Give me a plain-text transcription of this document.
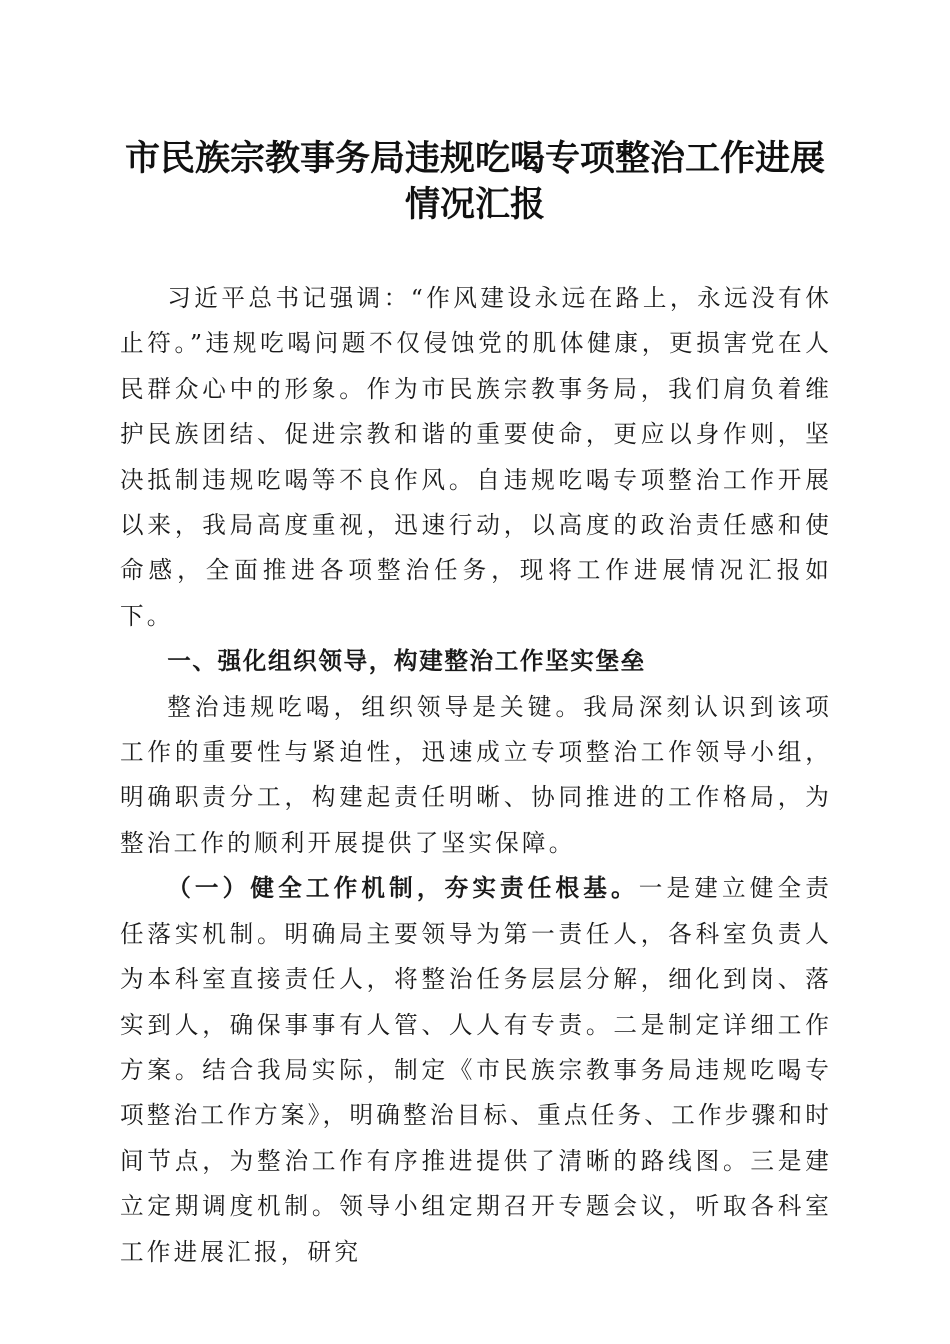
市民族宗教事务局违规吃喝专项整治工作进展
情况汇报

习近平总书记强调：“作风建设永远在路上，永远没有休止符。”违规吃喝问题不仅侵蚀党的肌体健康，更损害党在人民群众心中的形象。作为市民族宗教事务局，我们肩负着维护民族团结、促进宗教和谐的重要使命，更应以身作则，坚决抵制违规吃喝等不良作风。自违规吃喝专项整治工作开展以来，我局高度重视，迅速行动，以高度的政治责任感和使命感，全面推进各项整治任务，现将工作进展情况汇报如下。

一、强化组织领导，构建整治工作坚实堡垒

整治违规吃喝，组织领导是关键。我局深刻认识到该项工作的重要性与紧迫性，迅速成立专项整治工作领导小组，明确职责分工，构建起责任明晰、协同推进的工作格局，为整治工作的顺利开展提供了坚实保障。

（一）健全工作机制，夯实责任根基。一是建立健全责任落实机制。明确局主要领导为第一责任人，各科室负责人为本科室直接责任人，将整治任务层层分解，细化到岗、落实到人，确保事事有人管、人人有专责。二是制定详细工作方案。结合我局实际，制定《市民族宗教事务局违规吃喝专项整治工作方案》，明确整治目标、重点任务、工作步骤和时间节点，为整治工作有序推进提供了清晰的路线图。三是建立定期调度机制。领导小组定期召开专题会议，听取各科室工作进展汇报，研究
